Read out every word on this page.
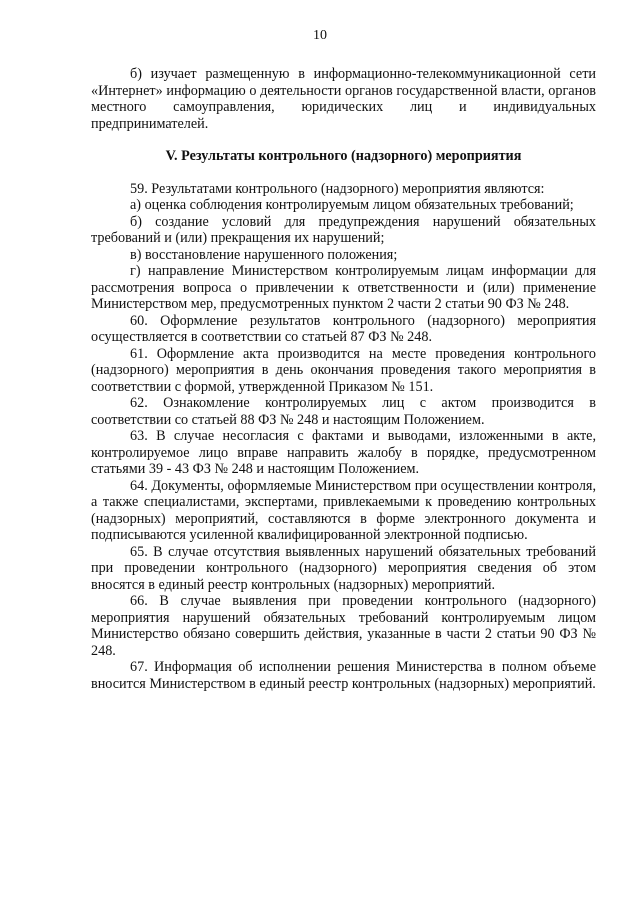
10

б) изучает размещенную в информационно-телекоммуникационной сети «Интернет» информацию о деятельности органов государственной власти, органов местного самоуправления, юридических лиц и индивидуальных предпринимателей.

V. Результаты контрольного (надзорного) мероприятия

59. Результатами контрольного (надзорного) мероприятия являются:

а) оценка соблюдения контролируемым лицом обязательных требований;

б) создание условий для предупреждения нарушений обязательных требований и (или) прекращения их нарушений;

в) восстановление нарушенного положения;

г) направление Министерством контролируемым лицам информации для рассмотрения вопроса о привлечении к ответственности и (или) применение Министерством мер, предусмотренных пунктом 2 части 2 статьи 90 ФЗ № 248.

60. Оформление результатов контрольного (надзорного) мероприятия осуществляется в соответствии со статьей 87 ФЗ № 248.

61. Оформление акта производится на месте проведения контрольного (надзорного) мероприятия в день окончания проведения такого мероприятия в соответствии с формой, утвержденной Приказом № 151.

62. Ознакомление контролируемых лиц с актом производится в соответствии со статьей 88 ФЗ № 248 и настоящим Положением.

63. В случае несогласия с фактами и выводами, изложенными в акте, контролируемое лицо вправе направить жалобу в порядке, предусмотренном статьями 39 - 43 ФЗ № 248 и настоящим Положением.

64. Документы, оформляемые Министерством при осуществлении контроля, а также специалистами, экспертами, привлекаемыми к проведению контрольных (надзорных) мероприятий, составляются в форме электронного документа и подписываются усиленной квалифицированной электронной подписью.

65. В случае отсутствия выявленных нарушений обязательных требований при проведении контрольного (надзорного) мероприятия сведения об этом вносятся в единый реестр контрольных (надзорных) мероприятий.

66. В случае выявления при проведении контрольного (надзорного) мероприятия нарушений обязательных требований контролируемым лицом Министерство обязано совершить действия, указанные в части 2 статьи 90 ФЗ № 248.

67. Информация об исполнении решения Министерства в полном объеме вносится Министерством в единый реестр контрольных (надзорных) мероприятий.
